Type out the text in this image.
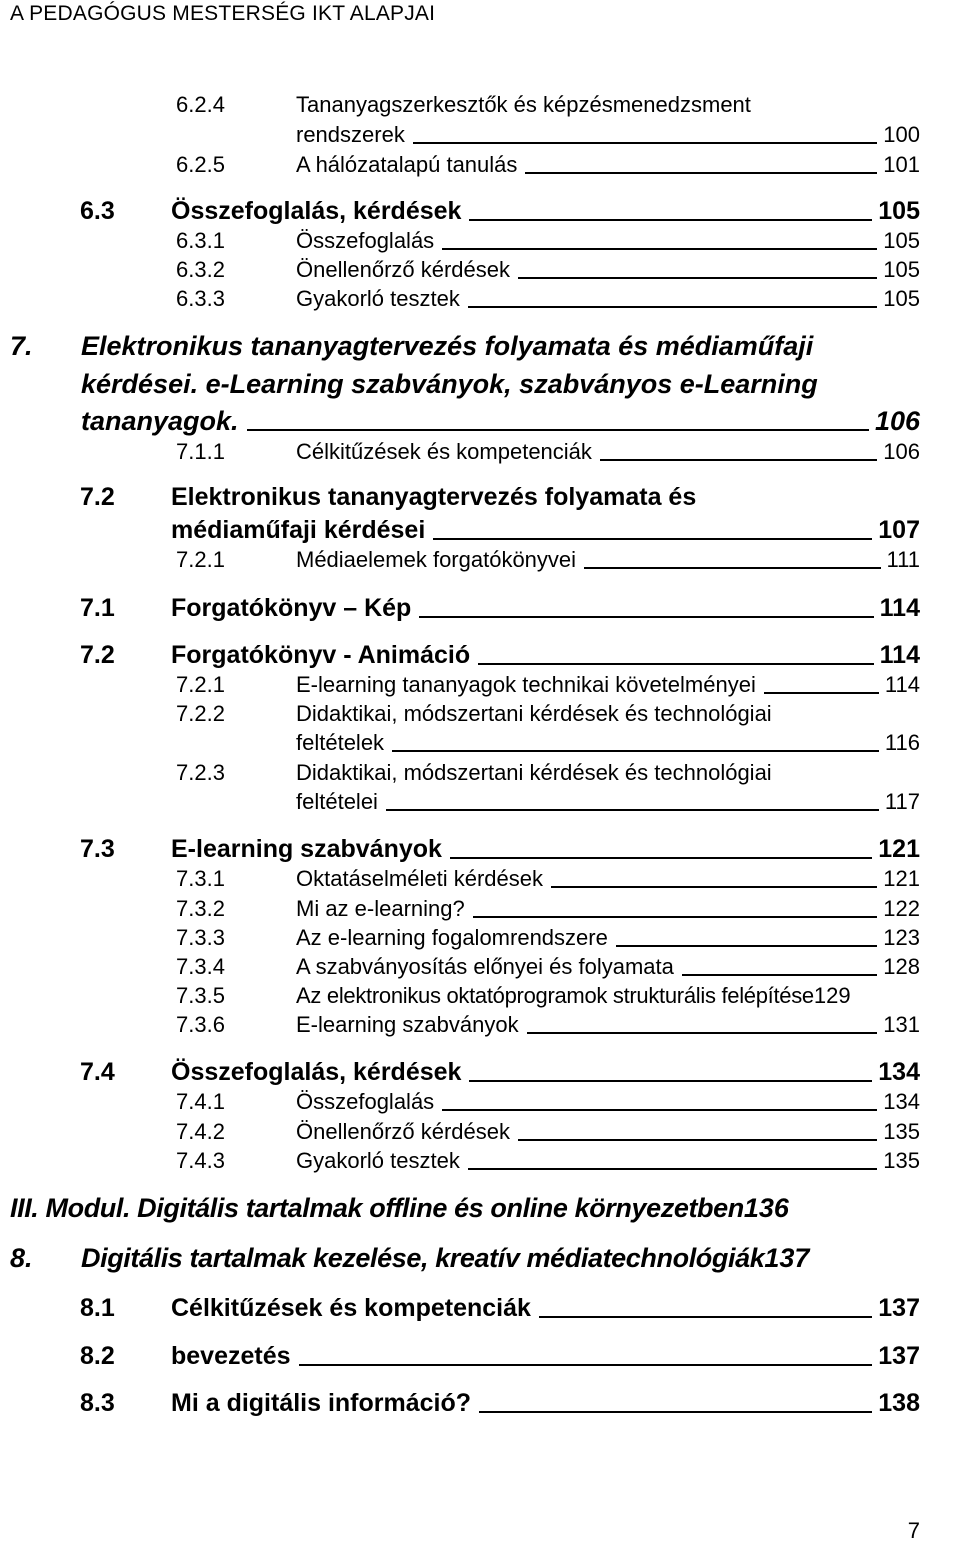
A PEDAGÓGUS MESTERSÉG IKT ALAPJAI
6.2.4	Tananyagszerkesztők és képzésmenedzsment
rendszerek	100
6.2.5	A hálózatalapú tanulás	101
6.3	Összefoglalás, kérdések	105
6.3.1	Összefoglalás	105
6.3.2	Önellenőrző kérdések	105
6.3.3	Gyakorló tesztek	105
7.	Elektronikus tananyagtervezés folyamata és médiaműfaji
kérdései. e-Learning szabványok, szabványos e-Learning
tananyagok.	106
7.1.1	Célkitűzések és kompetenciák	106
7.2	Elektronikus tananyagtervezés folyamata és
médiaműfaji kérdései	107
7.2.1	Médiaelemek forgatókönyvei	111
7.1	Forgatókönyv – Kép	114
7.2	Forgatókönyv - Animáció	114
7.2.1	E-learning tananyagok technikai követelményei	114
7.2.2	Didaktikai, módszertani kérdések és technológiai
feltételek	116
7.2.3	Didaktikai, módszertani kérdések és technológiai
feltételei	117
7.3	E-learning szabványok	121
7.3.1	Oktatáselméleti kérdések	121
7.3.2	Mi az e-learning?	122
7.3.3	Az e-learning fogalomrendszere	123
7.3.4	A szabványosítás előnyei és folyamata	128
7.3.5	Az elektronikus oktatóprogramok strukturális felépítése 129
7.3.6	E-learning szabványok	131
7.4	Összefoglalás, kérdések	134
7.4.1	Összefoglalás	134
7.4.2	Önellenőrző kérdések	135
7.4.3	Gyakorló tesztek	135
III. Modul. Digitális tartalmak offline és online környezetben 136
8.	Digitális tartalmak kezelése, kreatív médiatechnológiák 137
8.1	Célkitűzések és kompetenciák	137
8.2	bevezetés	137
8.3	Mi a digitális információ?	138
7
